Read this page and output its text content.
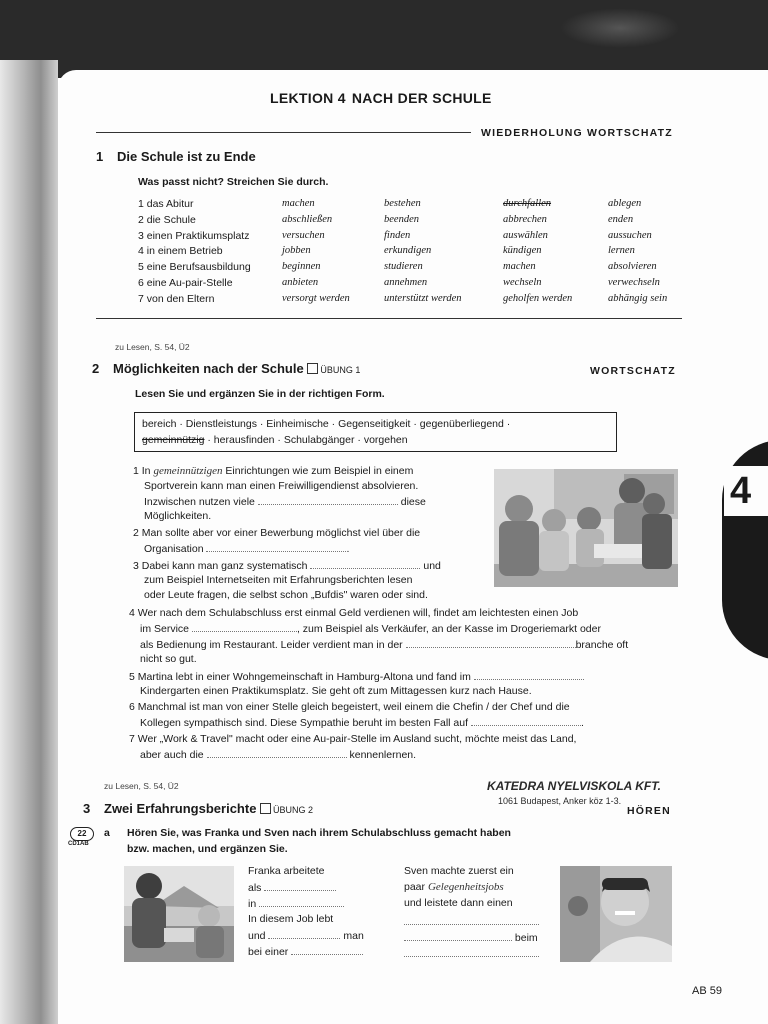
4
LEKTION 4 NACH DER SCHULE
WIEDERHOLUNG WORTSCHATZ
1 Die Schule ist zu Ende
Was passt nicht? Streichen Sie durch.
1 das Abitur	machen	bestehen	durchfallen	ablegen
2 die Schule	abschließen	beenden	abbrechen	enden
3 einen Praktikumsplatz	versuchen	finden	auswählen	aussuchen
4 in einem Betrieb	jobben	erkundigen	kündigen	lernen
5 eine Berufsausbildung	beginnen	studieren	machen	absolvieren
6 eine Au-pair-Stelle	anbieten	annehmen	wechseln	verwechseln
7 von den Eltern	versorgt werden	unterstützt werden	geholfen werden	abhängig sein
zu Lesen, S. 54, Ü2
2 Möglichkeiten nach der Schule ÜBUNG 1	WORTSCHATZ
Lesen Sie und ergänzen Sie in der richtigen Form.
bereich · Dienstleistungs · Einheimische · Gegenseitigkeit · gegenüberliegend ·
gemeinnützig · herausfinden · Schulabgänger · vorgehen
1 In gemeinnützigen Einrichtungen wie zum Beispiel in einem
Sportverein kann man einen Freiwilligendienst absolvieren.
Inzwischen nutzen viele	diese
Möglichkeiten.
2 Man sollte aber vor einer Bewerbung möglichst viel über die
Organisation	.
3 Dabei kann man ganz systematisch	und
zum Beispiel Internetseiten mit Erfahrungsberichten lesen
oder Leute fragen, die selbst schon „Bufdis" waren oder sind.
4 Wer nach dem Schulabschluss erst einmal Geld verdienen will, findet am leichtesten einen Job
im Service	, zum Beispiel als Verkäufer, an der Kasse im Drogeriemarkt oder
als Bedienung im Restaurant. Leider verdient man in der	branche oft
nicht so gut.
5 Martina lebt in einer Wohngemeinschaft in Hamburg-Altona und fand im
Kindergarten einen Praktikumsplatz. Sie geht oft zum Mittagessen kurz nach Hause.
6 Manchmal ist man von einer Stelle gleich begeistert, weil einem die Chefin / der Chef und die
Kollegen sympathisch sind. Diese Sympathie beruht im besten Fall auf	.
7 Wer „Work & Travel" macht oder eine Au-pair-Stelle im Ausland sucht, möchte meist das Land,
aber auch die	kennenlernen.
zu Lesen, S. 54, Ü2	KATEDRA NYELVISKOLA KFT.
1061 Budapest, Anker köz 1-3.
3 Zwei Erfahrungsberichte ÜBUNG 2	HÖREN
22
CD1AB
a Hören Sie, was Franka und Sven nach ihrem Schulabschluss gemacht haben
bzw. machen, und ergänzen Sie.
Franka arbeitete
als
in
In diesem Job lebt
und	man
bei einer
Sven machte zuerst ein
paar Gelegenheitsjobs
und leistete dann einen
beim
AB 59
